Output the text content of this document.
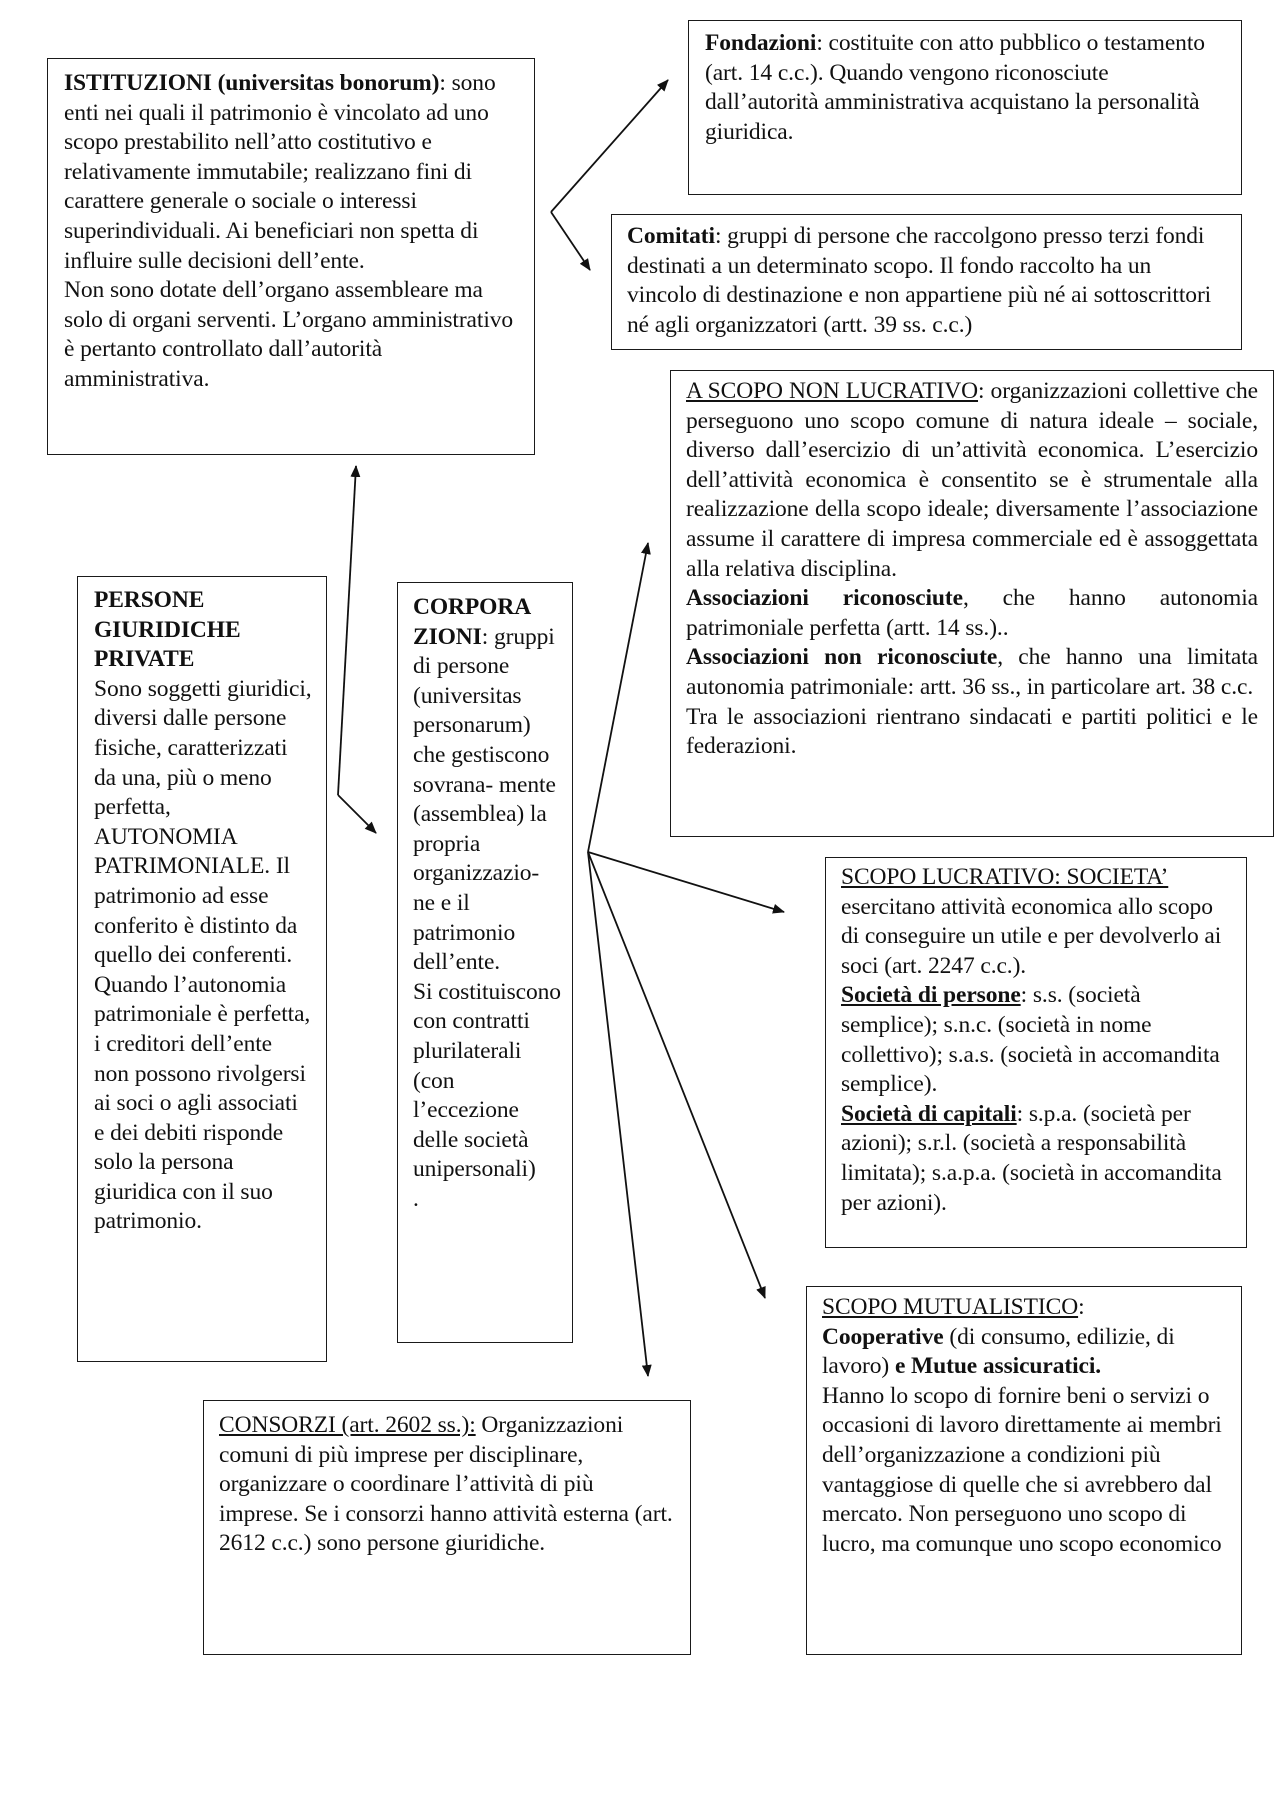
ISTITUZIONI (universitas bonorum): sono enti nei quali il patrimonio è vincolato ad uno scopo prestabilito nell’atto costitutivo e relativamente immutabile; realizzano fini di carattere generale o sociale o interessi superindividuali. Ai beneficiari non spetta di influire sulle decisioni dell’ente.

Non sono dotate dell’organo assembleare ma solo di organi serventi. L’organo amministrativo è pertanto controllato dall’autorità amministrativa.

Fondazioni: costituite con atto pubblico o testamento (art. 14 c.c.). Quando vengono riconosciute dall’autorità amministrativa acquistano la personalità giuridica.

Comitati: gruppi di persone che raccolgono presso terzi fondi destinati a un determinato scopo. Il fondo raccolto ha un vincolo di destinazione e non appartiene più né ai sottoscrittori né agli organizzatori (artt. 39 ss. c.c.)

A SCOPO NON LUCRATIVO: organizzazioni collettive che perseguono uno scopo comune di natura ideale – sociale, diverso dall’esercizio di un’attività economica. L’esercizio dell’attività economica è consentito se è strumentale alla realizzazione della scopo ideale; diversamente l’associazione assume il carattere di impresa commerciale ed è assoggettata alla relativa disciplina.

Associazioni riconosciute, che hanno autonomia patrimoniale perfetta (artt. 14 ss.)..

Associazioni non riconosciute, che hanno una limitata autonomia patrimoniale: artt. 36 ss., in particolare art. 38 c.c.

Tra le associazioni rientrano sindacati e partiti politici e le federazioni.

PERSONE GIURIDICHE PRIVATE

Sono soggetti giuridici, diversi dalle persone fisiche, caratterizzati da una, più o meno perfetta, AUTONOMIA PATRIMONIALE. Il patrimonio ad esse conferito è distinto da quello dei conferenti. Quando l’autonomia patrimoniale è perfetta, i creditori dell’ente non possono rivolgersi ai soci o agli associati e dei debiti risponde solo la persona giuridica con il suo patrimonio.

CORPORA ZIONI: gruppi di persone (universitas personarum) che gestiscono sovrana- mente (assemblea) la propria organizzazio- ne e il patrimonio dell’ente.

Si costituiscono con contratti plurilaterali (con l’eccezione delle società unipersonali)

.

SCOPO LUCRATIVO: SOCIETA’

esercitano attività economica allo scopo di conseguire un utile e per devolverlo ai soci (art. 2247 c.c.).

Società di persone: s.s. (società semplice); s.n.c. (società in nome collettivo); s.a.s. (società in accomandita semplice).

Società di capitali: s.p.a. (società per azioni); s.r.l. (società a responsabilità limitata); s.a.p.a. (società in accomandita per azioni).

SCOPO MUTUALISTICO:

Cooperative (di consumo, edilizie, di lavoro) e Mutue assicuratici.

Hanno lo scopo di fornire beni o servizi o occasioni di lavoro direttamente ai membri dell’organizzazione a condizioni più vantaggiose di quelle che si avrebbero dal mercato. Non perseguono uno scopo di lucro, ma comunque uno scopo economico

CONSORZI (art. 2602 ss.): Organizzazioni comuni di più imprese per disciplinare, organizzare o coordinare l’attività di più imprese. Se i consorzi hanno attività esterna (art. 2612 c.c.) sono persone giuridiche.
